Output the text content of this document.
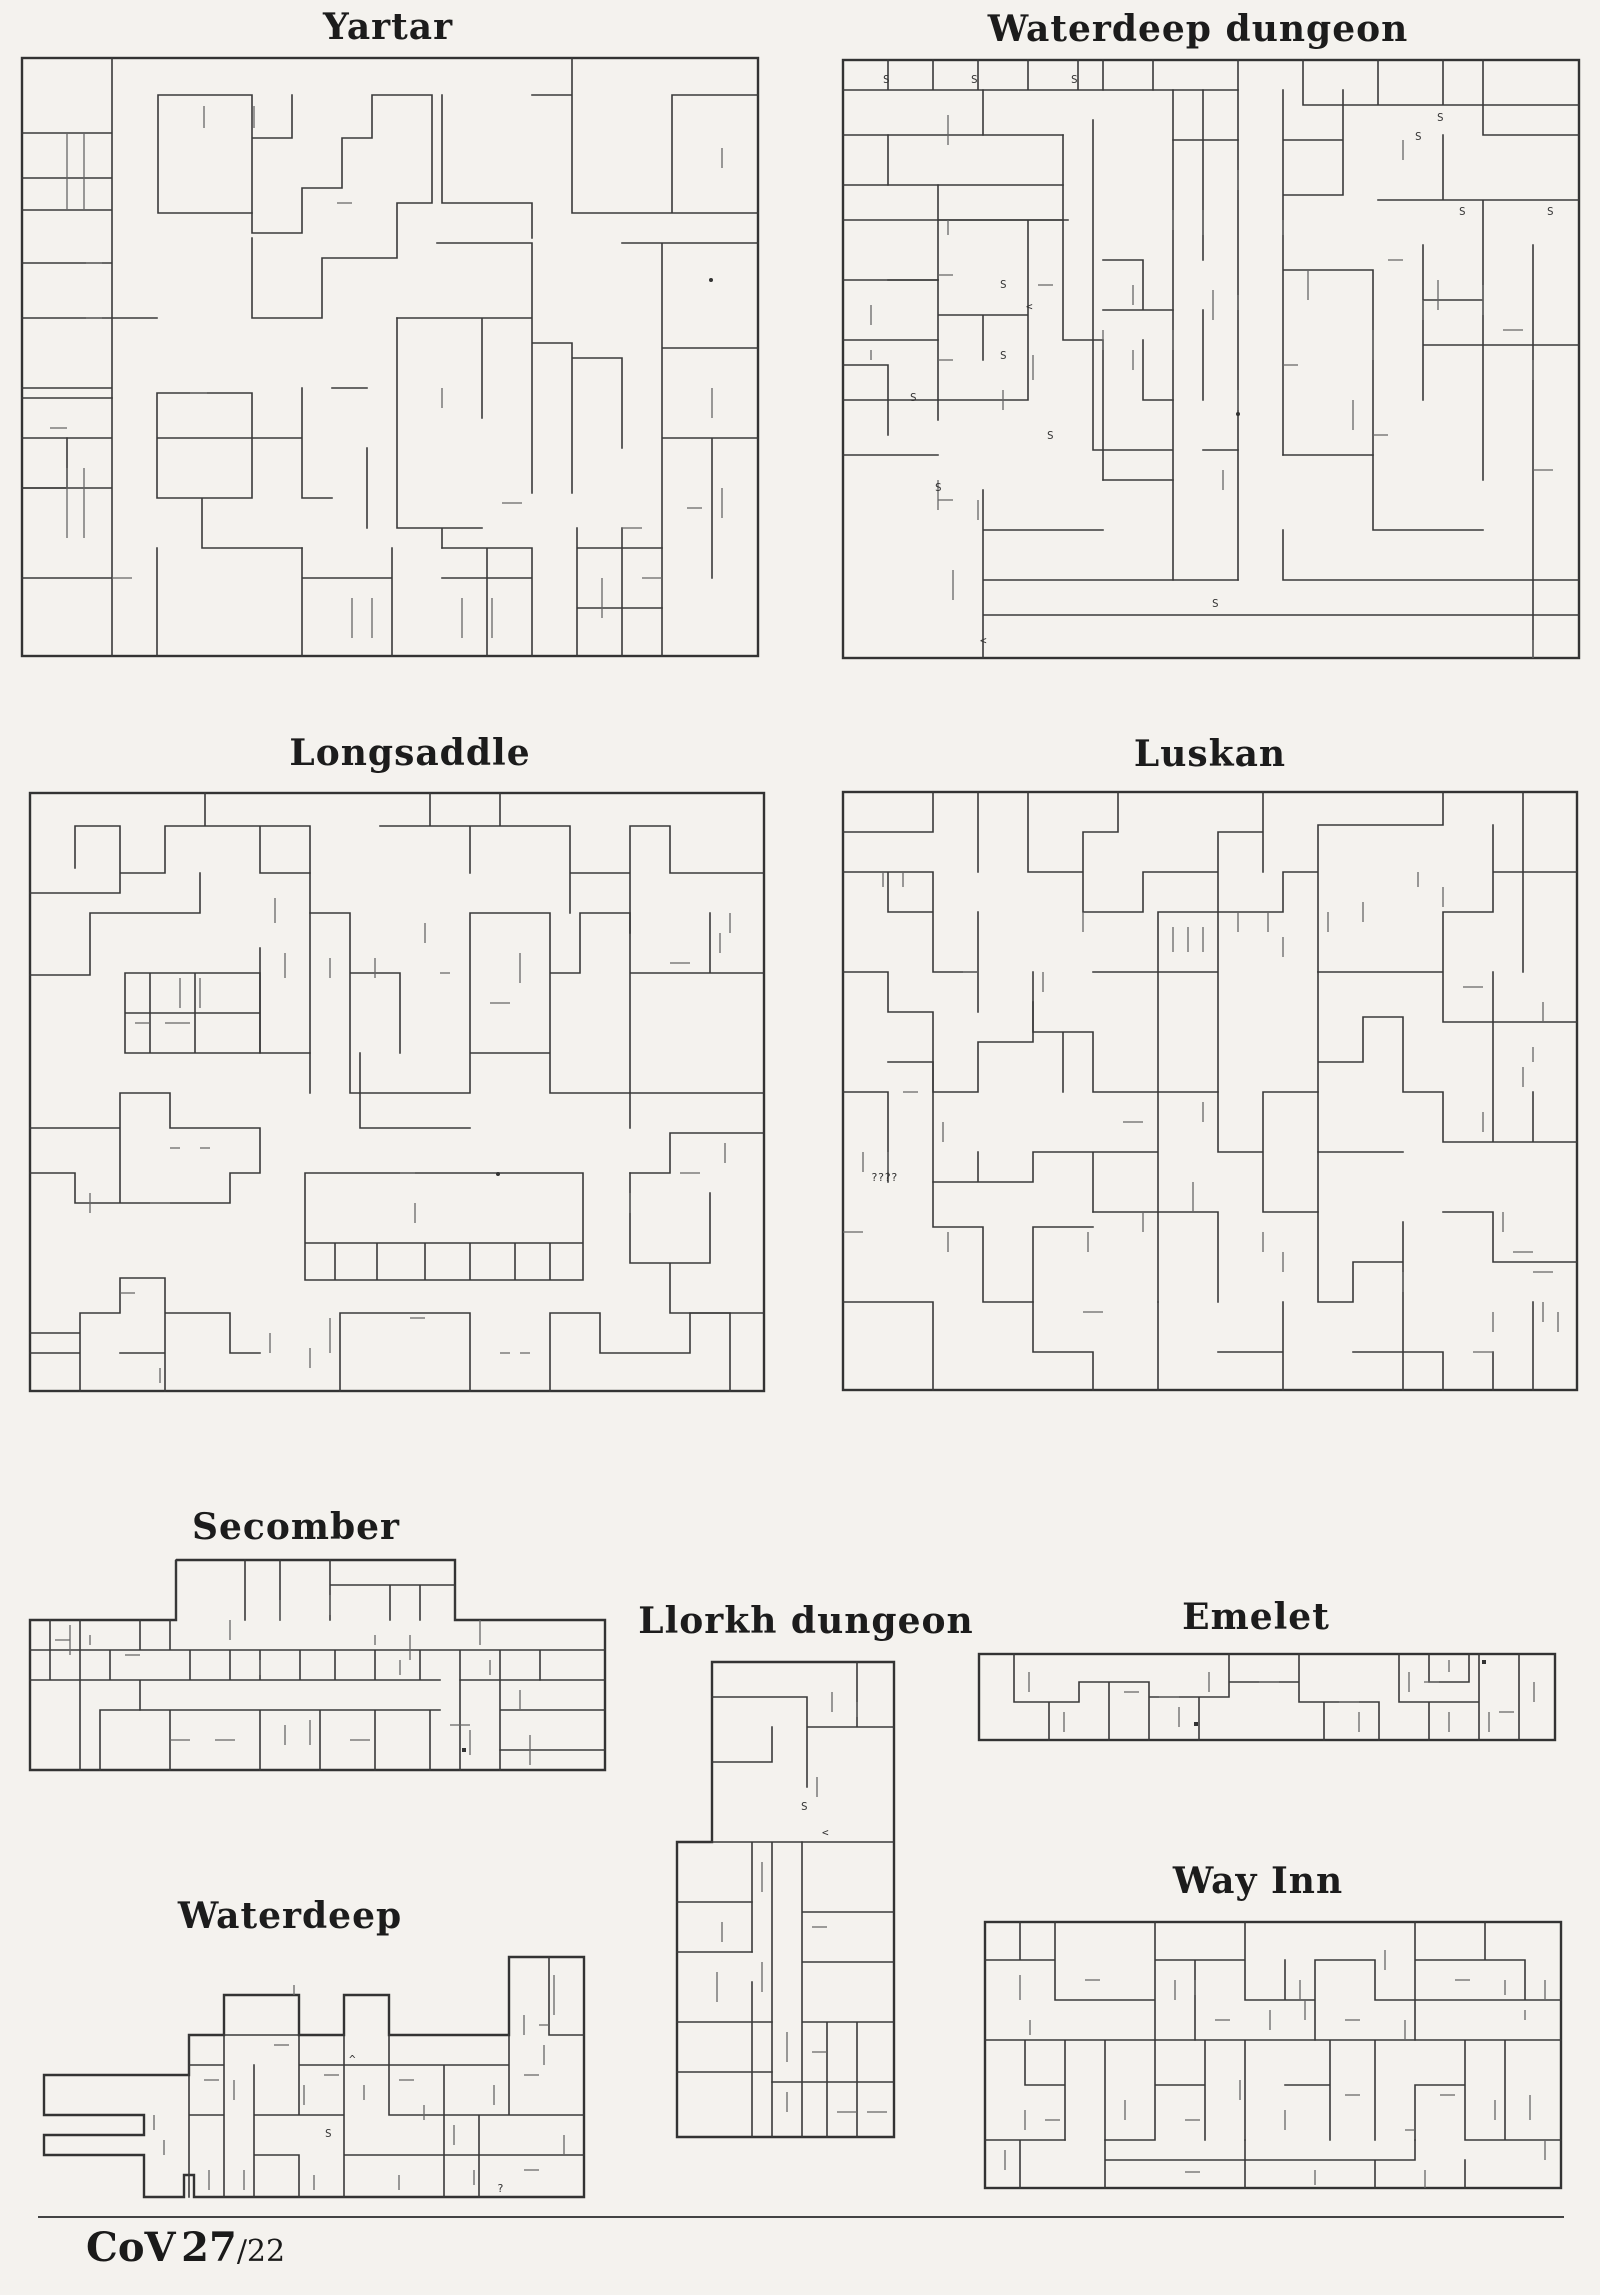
Yartar	Waterdeep dungeon
Longsaddle	Luskan
Secomber
Llorkh dungeon	Emelet
Way Inn
Waterdeep
S	S	S
S
S
S	S
S
S
S
S
S
S
<
<
????
S
<
^
S
?
CoV 27/22
